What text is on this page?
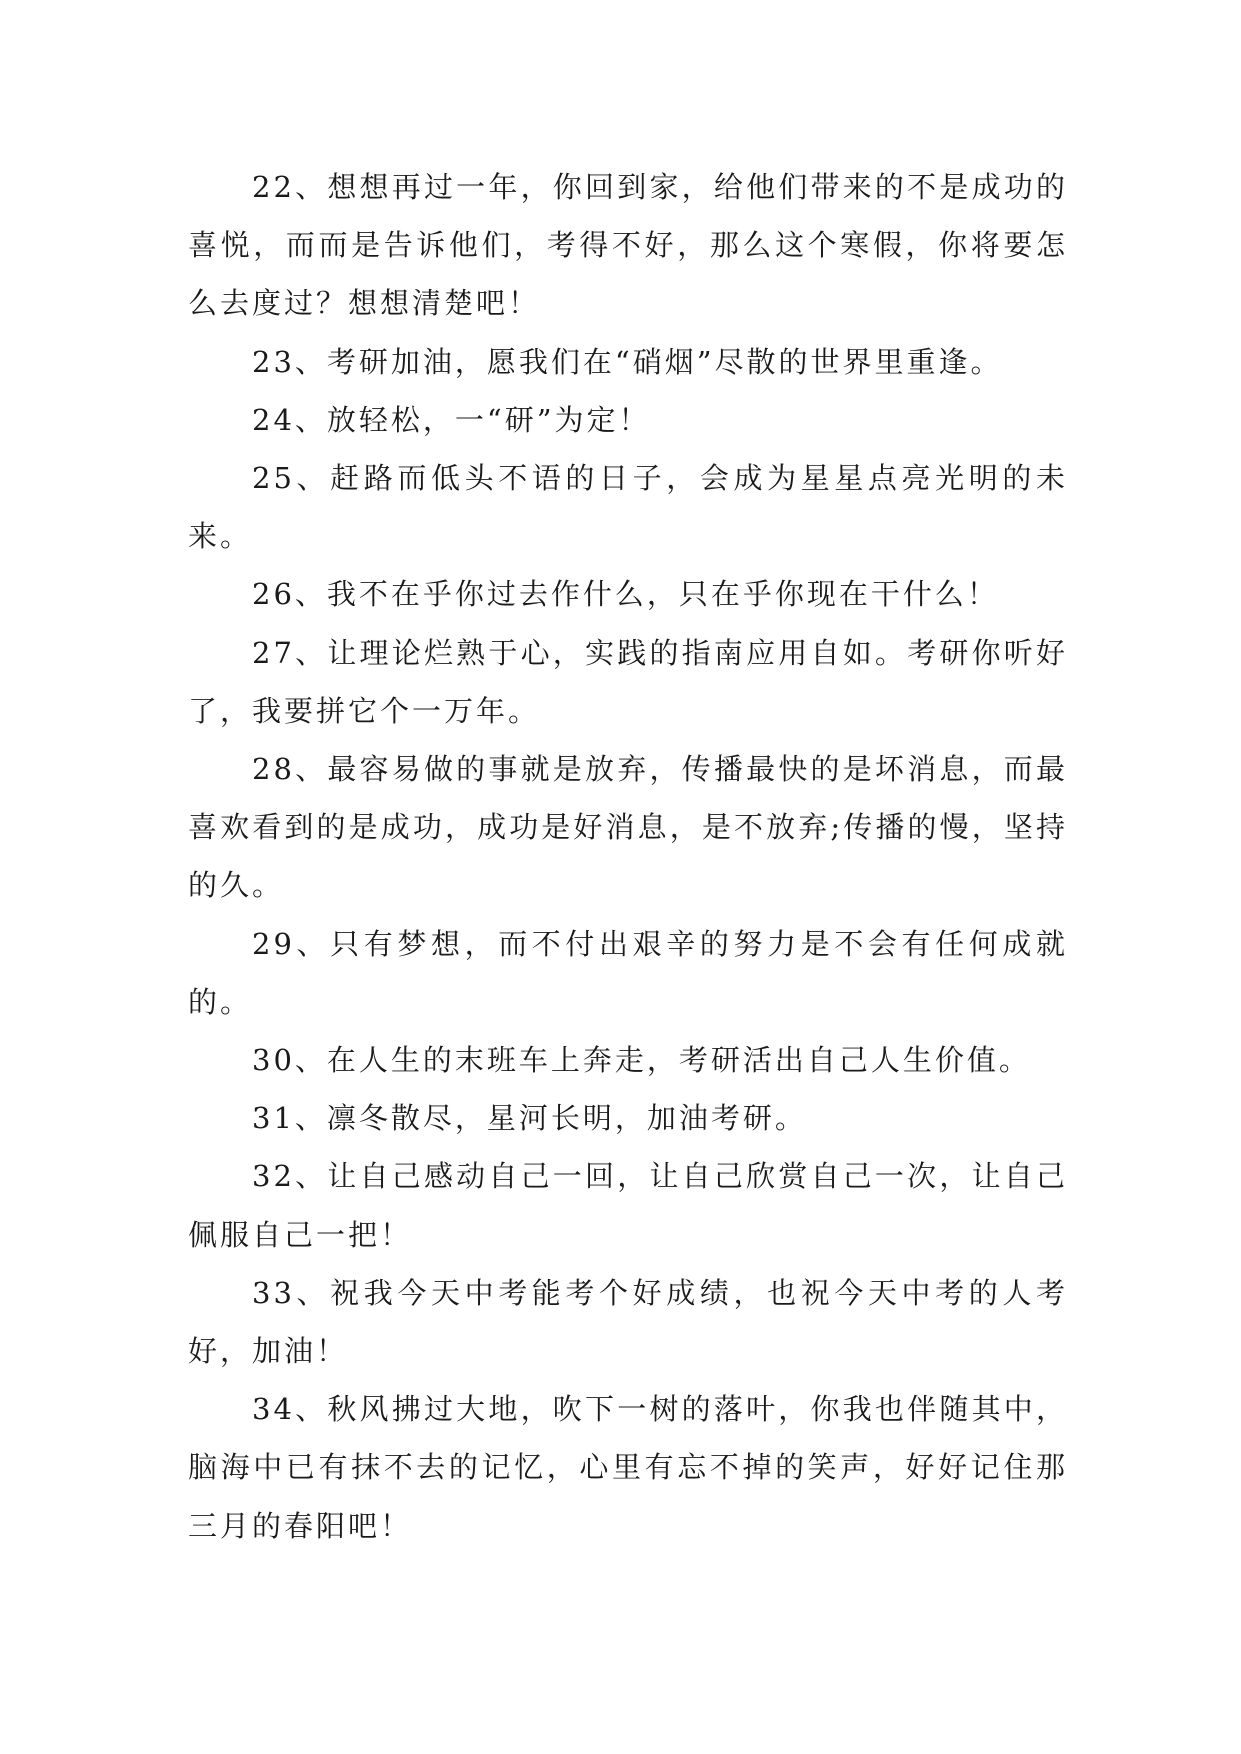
22、想想再过一年，你回到家，给他们带来的不是成功的喜悦，而而是告诉他们，考得不好，那么这个寒假，你将要怎么去度过？想想清楚吧！

23、考研加油，愿我们在“硝烟”尽散的世界里重逢。

24、放轻松，一“研”为定！

25、赶路而低头不语的日子，会成为星星点亮光明的未来。

26、我不在乎你过去作什么，只在乎你现在干什么！

27、让理论烂熟于心，实践的指南应用自如。考研你听好了，我要拼它个一万年。

28、最容易做的事就是放弃，传播最快的是坏消息，而最喜欢看到的是成功，成功是好消息，是不放弃;传播的慢，坚持的久。

29、只有梦想，而不付出艰辛的努力是不会有任何成就的。

30、在人生的末班车上奔走，考研活出自己人生价值。

31、凛冬散尽，星河长明，加油考研。

32、让自己感动自己一回，让自己欣赏自己一次，让自己佩服自己一把！

33、祝我今天中考能考个好成绩，也祝今天中考的人考好，加油！

34、秋风拂过大地，吹下一树的落叶，你我也伴随其中，脑海中已有抹不去的记忆，心里有忘不掉的笑声，好好记住那三月的春阳吧！
